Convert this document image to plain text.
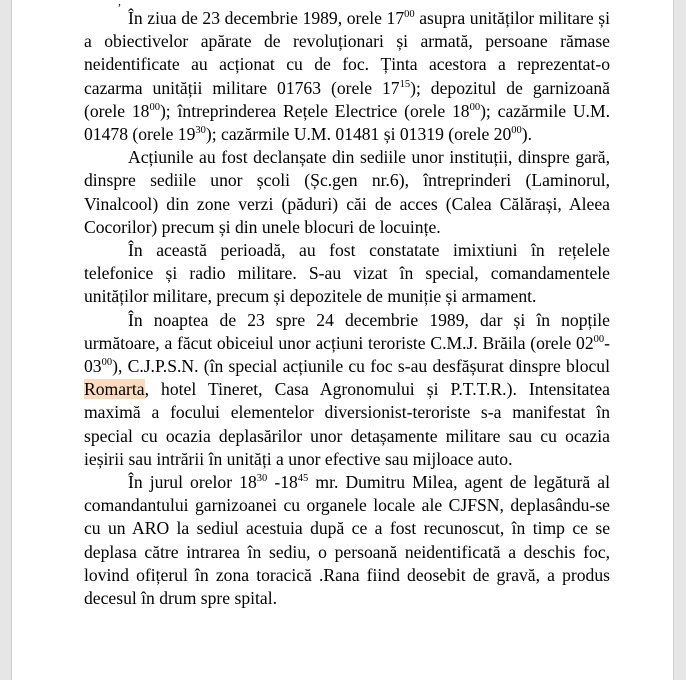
,

În ziua de 23 decembrie 1989, orele $17^{00}$ asupra unităților militare și a obiectivelor apărate de revoluționari și armată, persoane rămase neidentificate au acționat cu de foc. Ținta acestora a reprezentat-o cazarma unității militare 01763 (orele $17^{15}$); depozitul de garnizoană (orele $18^{00}$); întreprinderea Rețele Electrice (orele $18^{00}$); cazărmile U.M. 01478 (orele $19^{30}$); cazărmile U.M. 01481 și 01319 (orele $20^{00}$).

Acțiunile au fost declanșate din sediile unor instituții, dinspre gară, dinspre sediile unor școli (Șc.gen nr.6), întreprinderi (Laminorul, Vinalcool) din zone verzi (păduri) căi de acces (Calea Călărași, Aleea Cocorilor) precum și din unele blocuri de locuințe.

În această perioadă, au fost constatate imixtiuni în rețelele telefonice și radio militare. S-au vizat în special, comandamentele unităților militare, precum și depozitele de muniție și armament.

În noaptea de 23 spre 24 decembrie 1989, dar și în nopțile următoare, a făcut obiceiul unor acțiuni teroriste C.M.J. Brăila (orele $02^{00}-03^{00}$), C.J.P.S.N. (în special acțiunile cu foc s-au desfășurat dinspre blocul Romarta, hotel Tineret, Casa Agronomului și P.T.T.R.). Intensitatea maximă a focului elementelor diversionist-teroriste s-a manifestat în special cu ocazia deplasărilor unor detașamente militare sau cu ocazia ieșirii sau intrării în unități a unor efective sau mijloace auto.

În jurul orelor $18^{30}$ $-18^{45}$ mr. Dumitru Milea, agent de legătură al comandantului garnizoanei cu organele locale ale CJFSN, deplasându-se cu un ARO la sediul acestuia după ce a fost recunoscut, în timp ce se deplasa către intrarea în sediu, o persoană neidentificată a deschis foc, lovind ofițerul în zona toracică .Rana fiind deosebit de gravă, a produs decesul în drum spre spital.
